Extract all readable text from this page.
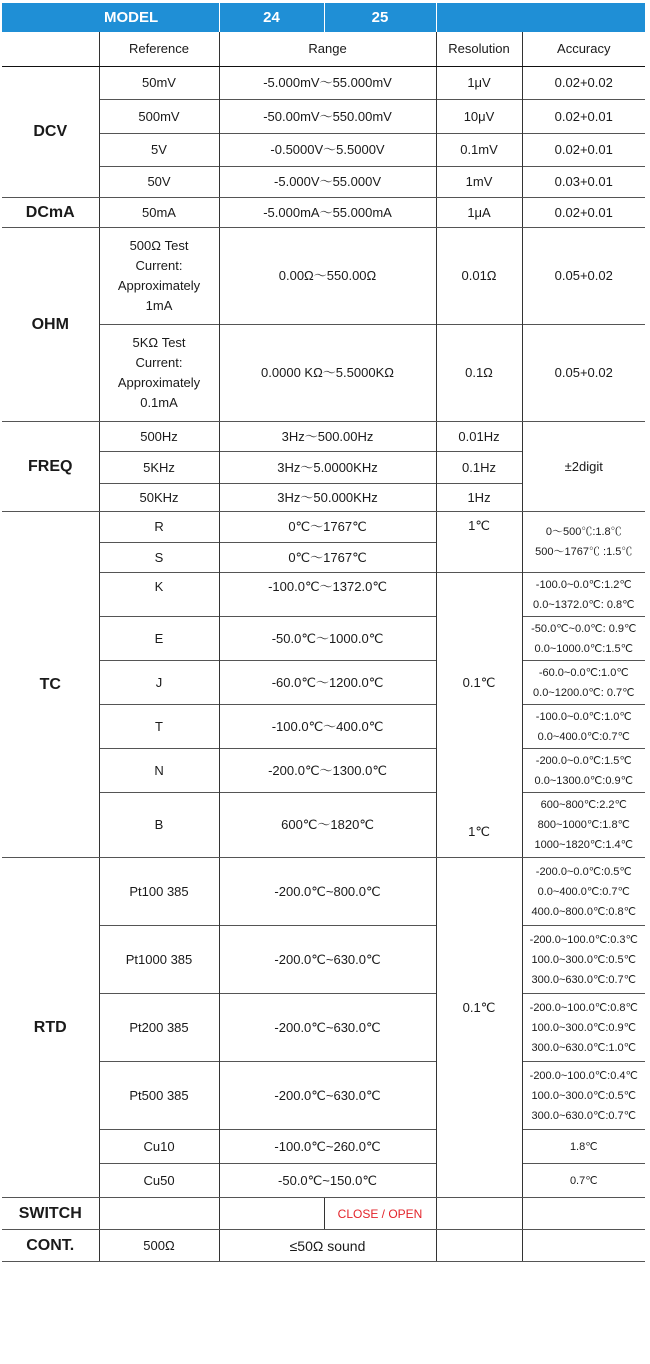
MODEL		24	25		
	Reference	Range		Resolution	Accuracy
DCV	50mV	-5.000mV～55.000mV		1μV	0.02+0.02
	500mV	-50.00mV～550.00mV		10μV	0.02+0.01
	5V	-0.5000V～5.5000V		0.1mV	0.02+0.01
	50V	-5.000V～55.000V		1mV	0.03+0.01
DCmA	50mA	-5.000mA～55.000mA		1μA	0.02+0.01
OHM	500Ω Test
Current:
Approximately
1mA	0.00Ω～550.00Ω		0.01Ω	0.05+0.02

	5KΩ Test
Current:
Approximately
0.1mA	0.0000 KΩ～5.5000KΩ		0.1Ω	0.05+0.02
FREQ	500Hz	3Hz～500.00Hz		0.01Hz	±2digit
	5KHz	3Hz～5.0000KHz		0.1Hz	
	50KHz	3Hz～50.000KHz		1Hz	
TC	R	0℃～1767℃		1℃	0～500℃:1.8℃
500～1767℃ :1.5℃

	S	0℃～1767℃			
	K	-100.0℃～1372.0℃		0.1℃	-100.0~0.0℃:1.2℃
0.0~1372.0℃: 0.8℃

	E	-50.0℃～1000.0℃			-50.0℃~0.0℃: 0.9℃
0.0~1000.0℃:1.5℃

	J	-60.0℃～1200.0℃			-60.0~0.0℃:1.0℃
0.0~1200.0℃: 0.7℃

	T	-100.0℃～400.0℃			-100.0~0.0℃:1.0℃
0.0~400.0℃:0.7℃

	N	-200.0℃～1300.0℃			-200.0~0.0℃:1.5℃
0.0~1300.0℃:0.9℃

	B	600℃～1820℃		1℃	600~800℃:2.2℃
800~1000℃:1.8℃
1000~1820℃:1.4℃

RTD	Pt100 385	-200.0℃~800.0℃		0.1℃	-200.0~0.0℃:0.5℃
0.0~400.0℃:0.7℃
400.0~800.0℃:0.8℃

	Pt1000 385	-200.0℃~630.0℃			-200.0~100.0℃:0.3℃
100.0~300.0℃:0.5℃
300.0~630.0℃:0.7℃

	Pt200 385	-200.0℃~630.0℃			-200.0~100.0℃:0.8℃
100.0~300.0℃:0.9℃
300.0~630.0℃:1.0℃

	Pt500 385	-200.0℃~630.0℃			-200.0~100.0℃:0.4℃
100.0~300.0℃:0.5℃
300.0~630.0℃:0.7℃

	Cu10	-100.0℃~260.0℃			1.8℃
	Cu50	-50.0℃~150.0℃			0.7℃
SWITCH			CLOSE / OPEN		
CONT.	500Ω	≤50Ω sound			
